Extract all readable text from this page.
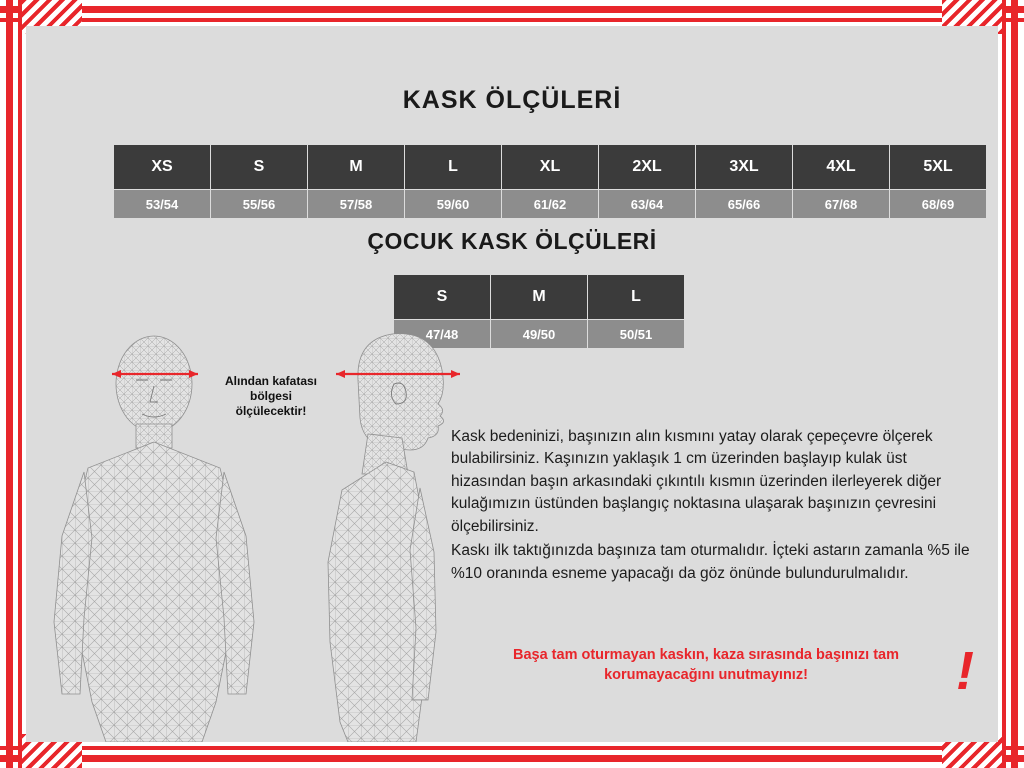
KASK ÖLÇÜLERİ
ÇOCUK KASK ÖLÇÜLERİ
XS	S	M	L	XL	2XL	3XL	4XL	5XL
53/54	55/56	57/58	59/60	61/62	63/64	65/66	67/68	68/69
S	M	L
47/48	49/50	50/51
Alından kafatası
bölgesi
ölçülecektir!

Kask bedeninizi, başınızın alın kısmını yatay olarak çepeçevre ölçerek bulabilirsiniz. Kaşınızın yaklaşık 1 cm üzerinden başlayıp kulak üst hizasından başın arkasındaki çıkıntılı kısmın üzerinden ilerleyerek diğer kulağımızın üstünden başlangıç noktasına ulaşarak başınızın çevresini ölçebilirsiniz.

Kaskı ilk taktığınızda başınıza tam oturmalıdır. İçteki astarın zamanla %5 ile %10 oranında esneme yapacağı da göz önünde bulundurulmalıdır.

Başa tam oturmayan kaskın, kaza sırasında başınızı tam
korumayacağını unutmayınız!	!
